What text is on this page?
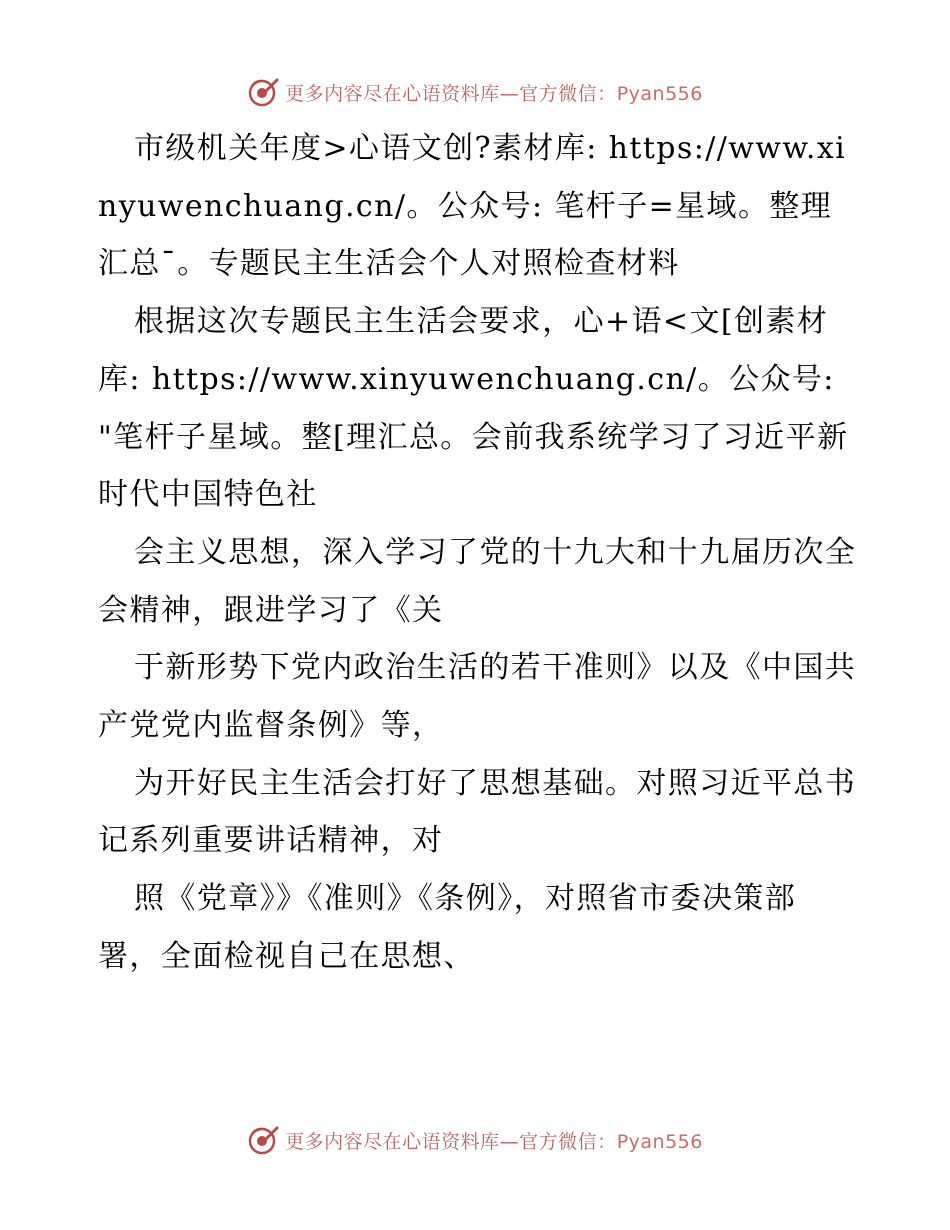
更多内容尽在心语资料库—官方微信：Pyan556

市级机关年度>心语文创?素材库: https://www.xinyuwenchuang.cn/。公众号: 笔杆子=星域。整理汇总¯。专题民主生活会个人对照检查材料

根据这次专题民主生活会要求，心+语<文[创素材库: https://www.xinyuwenchuang.cn/。公众号: "笔杆子星域。整[理汇总。会前我系统学习了习近平新时代中国特色社

会主义思想，深入学习了党的十九大和十九届历次全会精神，跟进学习了《关

于新形势下党内政治生活的若干准则》以及《中国共产党党内监督条例》等，

为开好民主生活会打好了思想基础。对照习近平总书记系列重要讲话精神，对

照《党章》》《准则》《条例》，对照省市委决策部署，全面检视自己在思想、

更多内容尽在心语资料库—官方微信：Pyan556
